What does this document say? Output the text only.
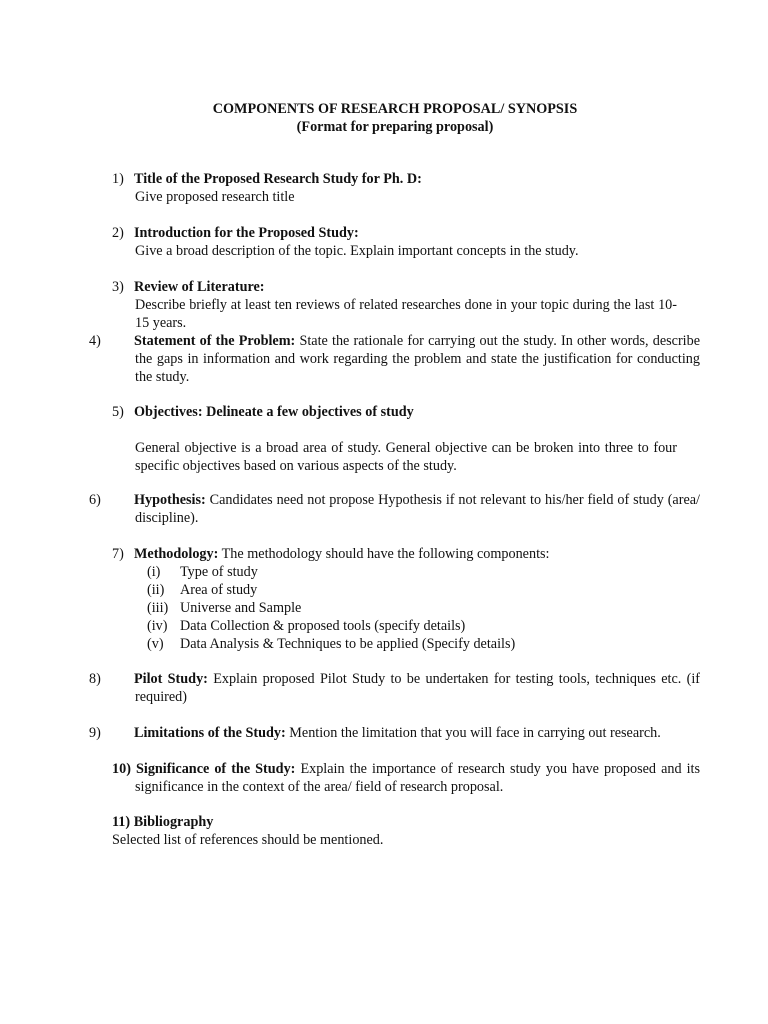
COMPONENTS OF RESEARCH PROPOSAL/ SYNOPSIS
(Format for preparing proposal)
1) Title of the Proposed Research Study for Ph. D:
Give proposed research title
2) Introduction for the Proposed Study:
Give a broad description of the topic. Explain important concepts in the study.
3) Review of Literature:
Describe briefly at least ten reviews of related researches done in your topic during the last 10-15 years.
4) Statement of the Problem: State the rationale for carrying out the study. In other words, describe the gaps in information and work regarding the problem and state the justification for conducting the study.
5) Objectives: Delineate a few objectives of study
General objective is a broad area of study. General objective can be broken into three to four specific objectives based on various aspects of the study.
6) Hypothesis: Candidates need not propose Hypothesis if not relevant to his/her field of study (area/ discipline).
7) Methodology: The methodology should have the following components:
(i)	Type of study
(ii)	Area of study
(iii) Universe and Sample
(iv) Data Collection & proposed tools (specify details)
(v)	Data Analysis & Techniques to be applied (Specify details)
8) Pilot Study: Explain proposed Pilot Study to be undertaken for testing tools, techniques etc. (if required)
9) Limitations of the Study: Mention the limitation that you will face in carrying out research.
10) Significance of the Study: Explain the importance of research study you have proposed and its significance in the context of the area/ field of research proposal.
11) Bibliography
Selected list of references should be mentioned.
